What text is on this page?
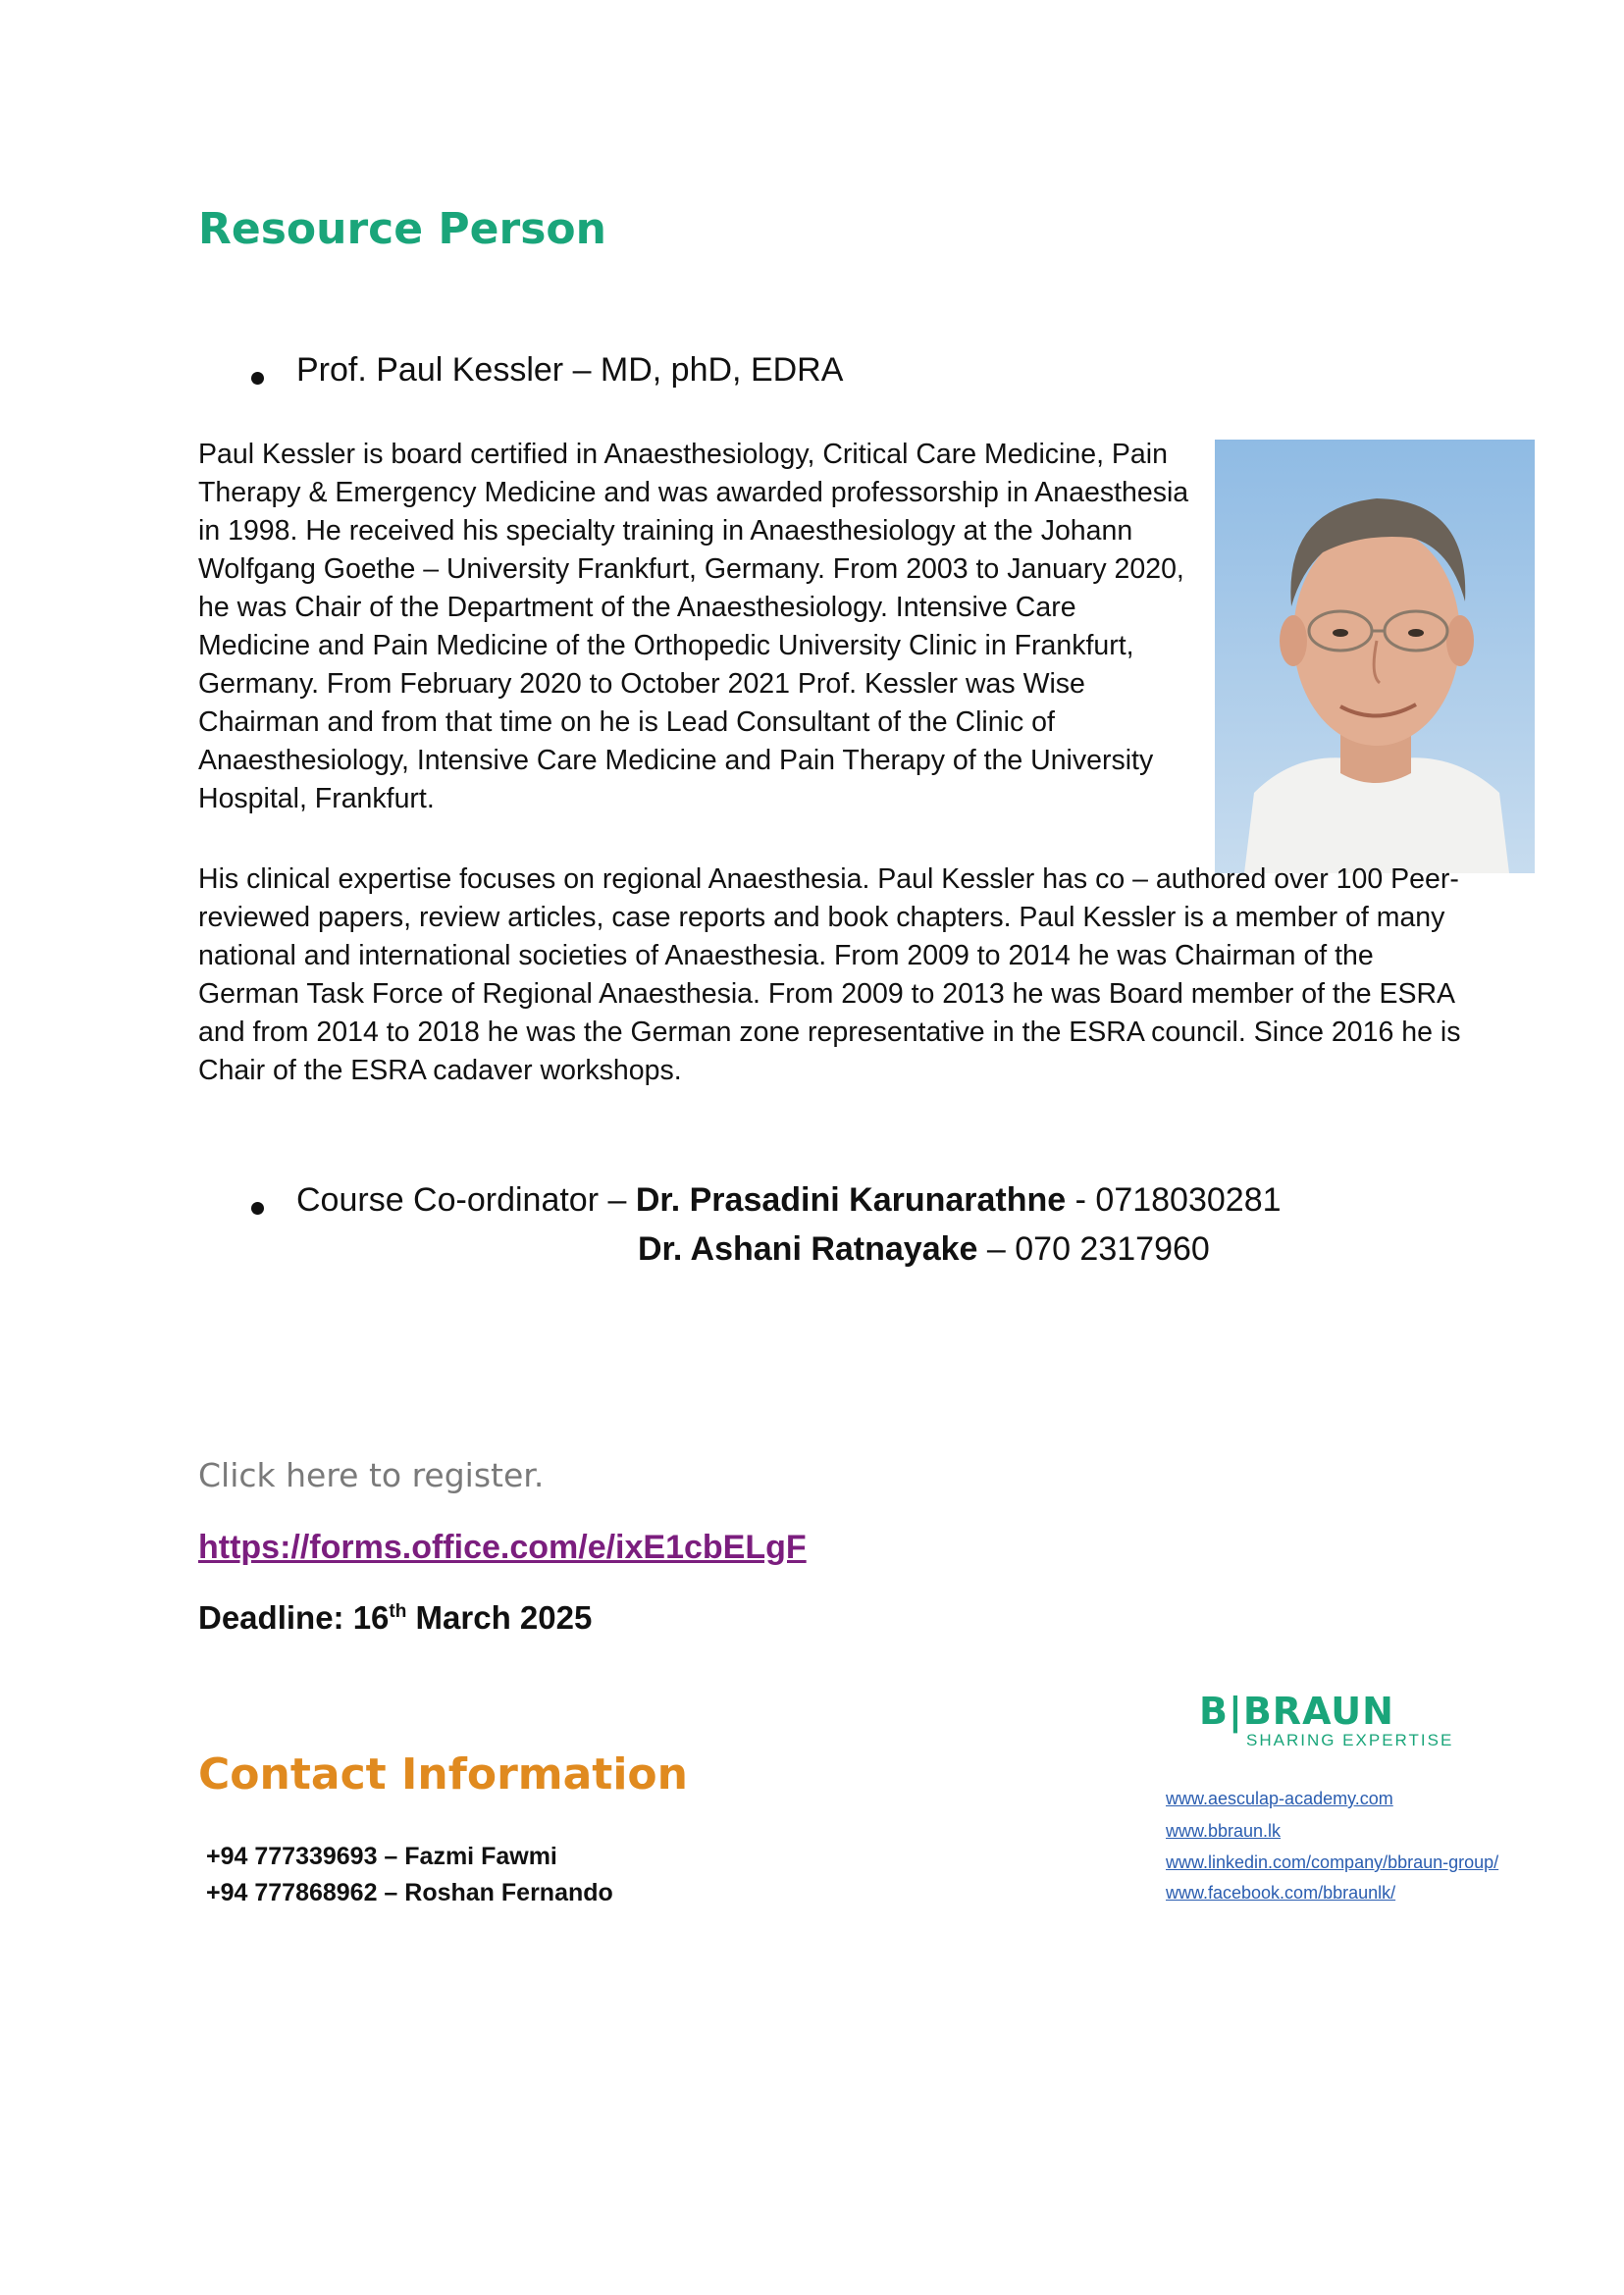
Resource Person
Prof. Paul Kessler – MD, phD, EDRA

Paul Kessler is board certified in Anaesthesiology, Critical Care Medicine, Pain Therapy & Emergency Medicine and was awarded professorship in Anaesthesia in 1998. He received his specialty training in Anaesthesiology at the Johann Wolfgang Goethe – University Frankfurt, Germany. From 2003 to January 2020, he was Chair of the Department of the Anaesthesiology. Intensive Care Medicine and Pain Medicine of the Orthopedic University Clinic in Frankfurt, Germany. From February 2020 to October 2021 Prof. Kessler was Wise Chairman and from that time on he is Lead Consultant of the Clinic of Anaesthesiology, Intensive Care Medicine and Pain Therapy of the University Hospital, Frankfurt.

His clinical expertise focuses on regional Anaesthesia. Paul Kessler has co – authored over 100 Peer-reviewed papers, review articles, case reports and book chapters. Paul Kessler is a member of many national and international societies of Anaesthesia. From 2009 to 2014 he was Chairman of the German Task Force of Regional Anaesthesia. From 2009 to 2013 he was Board member of the ESRA and from 2014 to 2018 he was the German zone representative in the ESRA council. Since 2016 he is Chair of the ESRA cadaver workshops.

Course Co-ordinator – Dr. Prasadini Karunarathne - 0718030281
Dr. Ashani Ratnayake – 070 2317960
Click here to register.
https://forms.office.com/e/ixE1cbELgF
Deadline: 16th March 2025
Contact Information
+94 777339693 – Fazmi Fawmi
+94 777868962 – Roshan Fernando
B|BRAUN
SHARING EXPERTISE
www.aesculap-academy.com
www.bbraun.lk
www.linkedin.com/company/bbraun-group/
www.facebook.com/bbraunlk/
